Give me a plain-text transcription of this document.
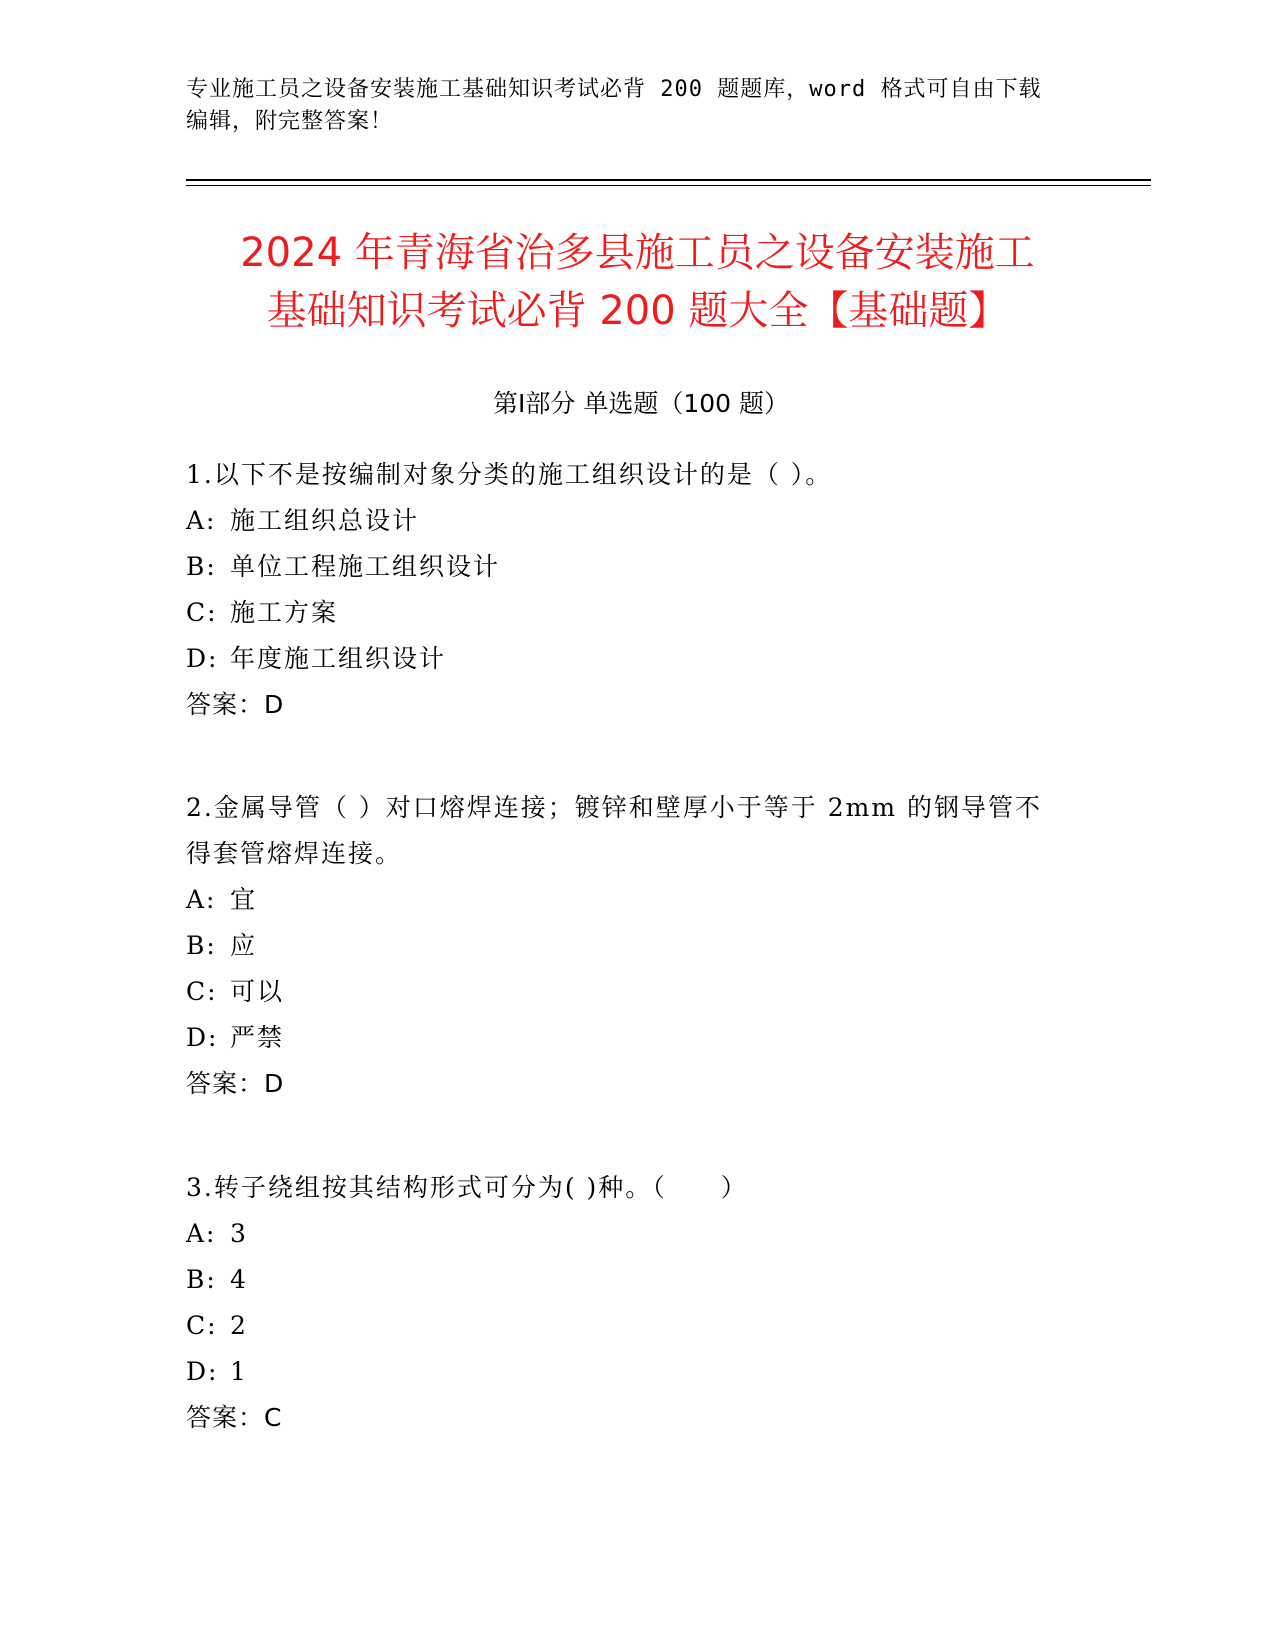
专业施工员之设备安装施工基础知识考试必背 200 题题库，word 格式可自由下载
编辑，附完整答案！
2024 年青海省治多县施工员之设备安装施工
基础知识考试必背 200 题大全【基础题】
第Ⅰ部分 单选题（100 题）
1.以下不是按编制对象分类的施工组织设计的是（ ）。
A: 施工组织总设计
B: 单位工程施工组织设计
C: 施工方案
D: 年度施工组织设计
答案：D
2.金属导管（ ）对口熔焊连接；镀锌和壁厚小于等于 2mm 的钢导管不
得套管熔焊连接。
A: 宜
B: 应
C: 可以
D: 严禁
答案：D
3.转子绕组按其结构形式可分为( )种。（　　）
A: 3
B: 4
C: 2
D: 1
答案：C
